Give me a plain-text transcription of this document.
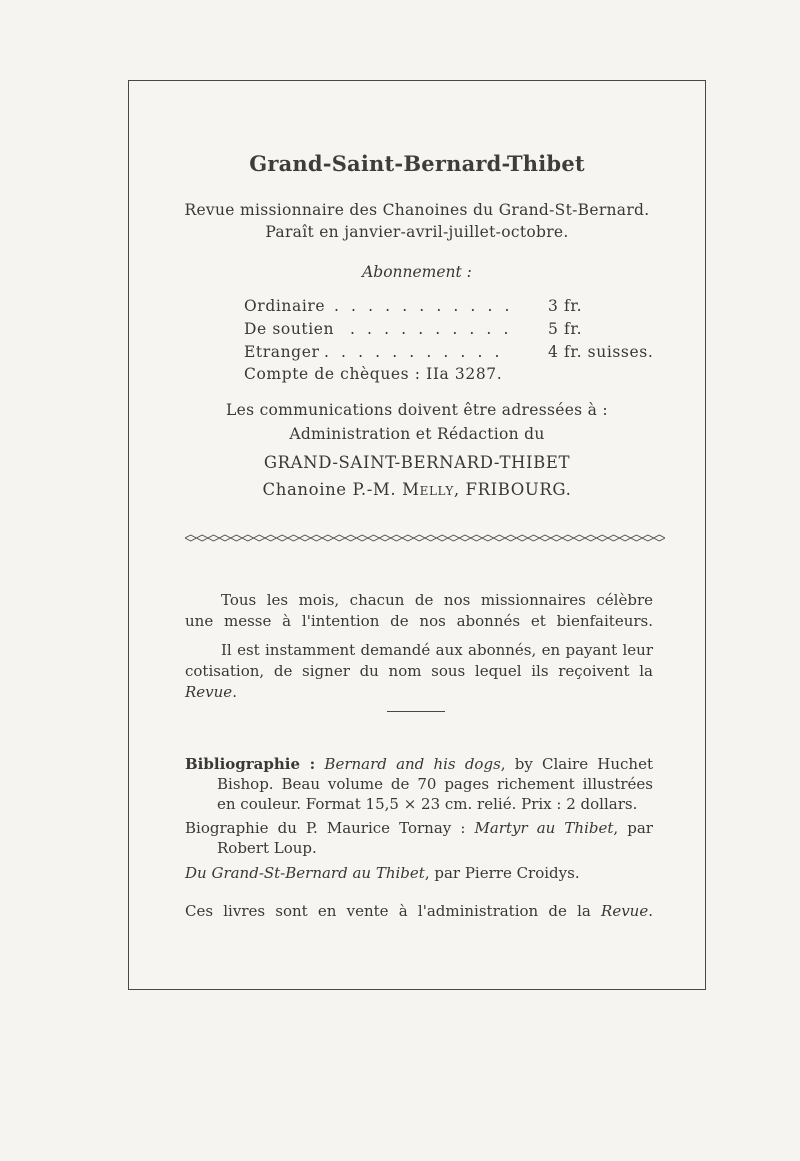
Grand-Saint-Bernard-Thibet
Revue missionnaire des Chanoines du Grand-St-Bernard.
Paraît en janvier-avril-juillet-octobre.
Abonnement :
Ordinaire . . . . . . . . . . . 3 fr.
De soutien . . . . . . . . . . 5 fr.
Etranger . . . . . . . . . . .	4 fr. suisses.
Compte de chèques : IIa 3287.
Les communications doivent être adressées à :
Administration et Rédaction du
GRAND-SAINT-BERNARD-THIBET
Chanoine P.-M. Melly, FRIBOURG.
Tous les mois, chacun de nos missionnaires célèbre
une messe à l'intention de nos abonnés et bienfaiteurs.
Il est instamment demandé aux abonnés, en payant leur cotisation, de signer du nom sous lequel ils reçoivent la Revue.
Bibliographie : Bernard and his dogs, by Claire Huchet Bishop. Beau volume de 70 pages richement illustrées en couleur. Format 15,5 × 23 cm. relié. Prix : 2 dollars.
Biographie du P. Maurice Tornay : Martyr au Thibet, par Robert Loup.
Du Grand-St-Bernard au Thibet, par Pierre Croidys.
Ces livres sont en vente à l'administration de la Revue.
